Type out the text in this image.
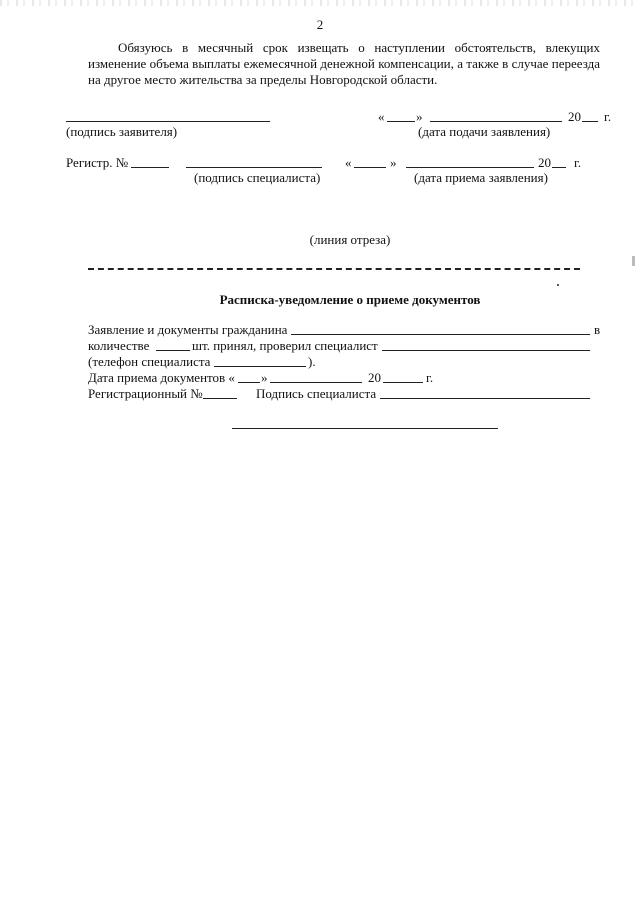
2
Обязуюсь в месячный срок извещать о наступлении обстоятельств, влекущих
изменение объема выплаты ежемесячной денежной компенсации, а также в случае переезда
на другое место жительства за пределы Новгородской области.
(подпись заявителя)
« »	20 г.
(дата подачи заявления)
Регистр. №
(подпись специалиста)
«	»	20 г.
(дата приема заявления)
(линия отреза)
Расписка-уведомление о приеме документов
Заявление и документы гражданина	в
количестве	шт. принял, проверил специалист
(телефон специалиста	).
Дата приема документов « »	20	г.
Регистрационный №	Подпись специалиста
